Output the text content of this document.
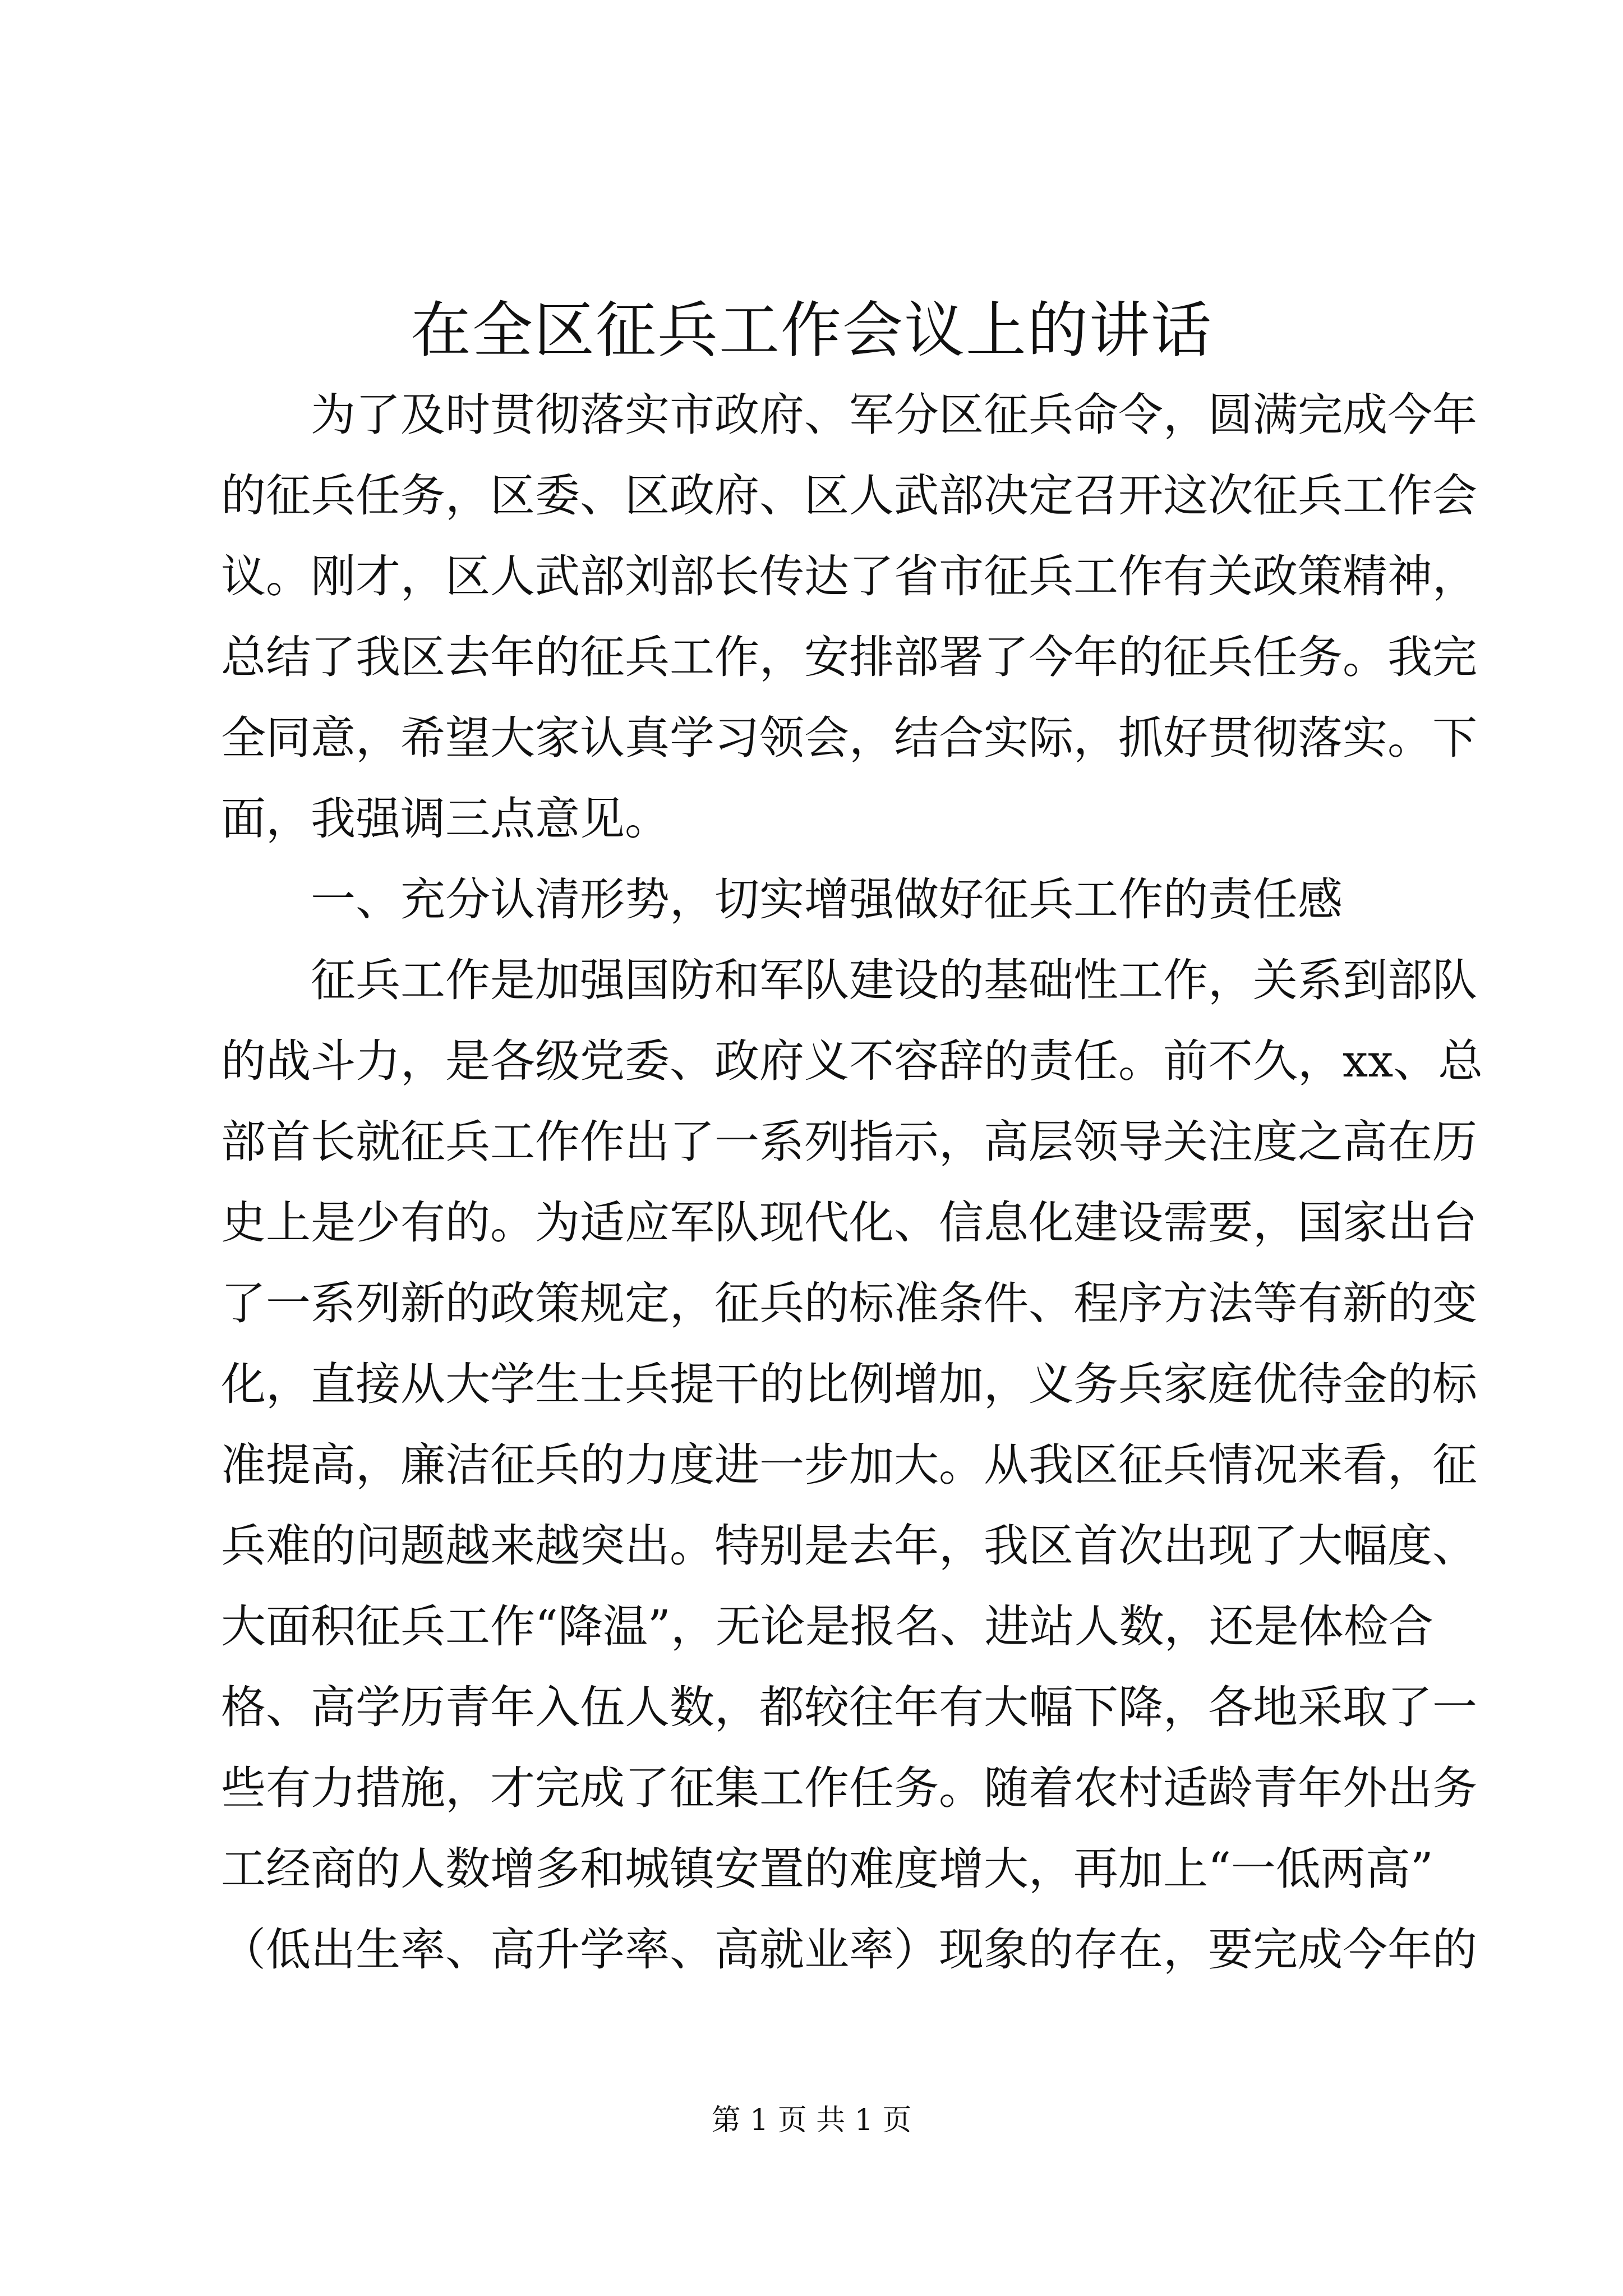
在全区征兵工作会议上的讲话
为了及时贯彻落实市政府、军分区征兵命令，圆满完成今年
的征兵任务，区委、区政府、区人武部决定召开这次征兵工作会
议。刚才，区人武部刘部长传达了省市征兵工作有关政策精神，
总结了我区去年的征兵工作，安排部署了今年的征兵任务。我完
全同意，希望大家认真学习领会，结合实际，抓好贯彻落实。下
面，我强调三点意见。
一、充分认清形势，切实增强做好征兵工作的责任感
征兵工作是加强国防和军队建设的基础性工作，关系到部队
的战斗力，是各级党委、政府义不容辞的责任。前不久，xx、总
部首长就征兵工作作出了一系列指示，高层领导关注度之高在历
史上是少有的。为适应军队现代化、信息化建设需要，国家出台
了一系列新的政策规定，征兵的标准条件、程序方法等有新的变
化，直接从大学生士兵提干的比例增加，义务兵家庭优待金的标
准提高，廉洁征兵的力度进一步加大。从我区征兵情况来看，征
兵难的问题越来越突出。特别是去年，我区首次出现了大幅度、
大面积征兵工作“降温”，无论是报名、进站人数，还是体检合
格、高学历青年入伍人数，都较往年有大幅下降，各地采取了一
些有力措施，才完成了征集工作任务。随着农村适龄青年外出务
工经商的人数增多和城镇安置的难度增大，再加上“一低两高”
（低出生率、高升学率、高就业率）现象的存在，要完成今年的
第 1 页 共 1 页
